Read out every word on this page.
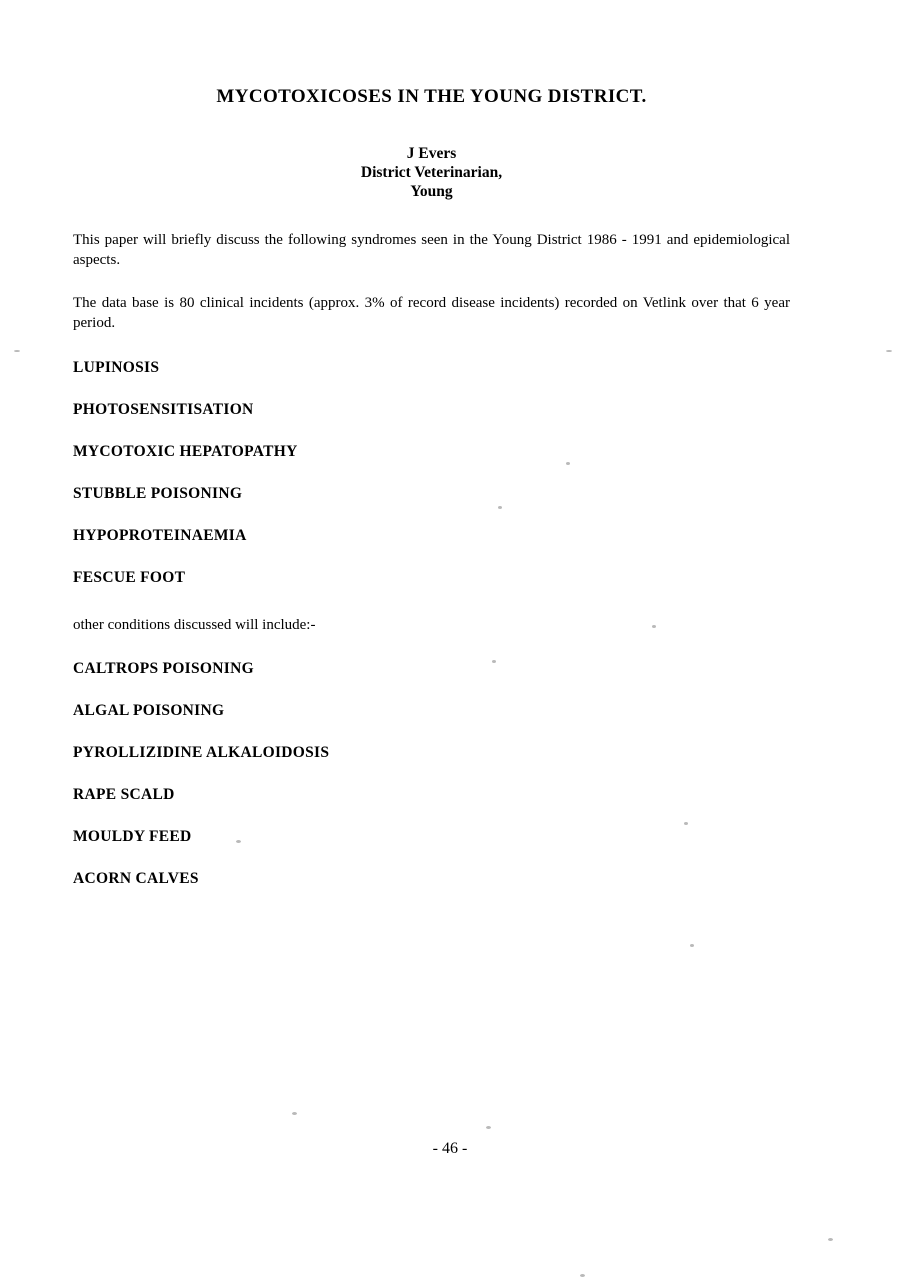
MYCOTOXICOSES IN THE YOUNG DISTRICT.
J Evers
District Veterinarian,
Young

This paper will briefly discuss the following syndromes seen in the Young District 1986 - 1991 and epidemiological aspects.

The data base is 80 clinical incidents (approx. 3% of record disease incidents) recorded on Vetlink over that 6 year period.

LUPINOSIS
PHOTOSENSITISATION
MYCOTOXIC HEPATOPATHY
STUBBLE POISONING
HYPOPROTEINAEMIA
FESCUE FOOT
other conditions discussed will include:-
CALTROPS POISONING
ALGAL POISONING
PYROLLIZIDINE ALKALOIDOSIS
RAPE SCALD
MOULDY FEED
ACORN CALVES
- 46 -
